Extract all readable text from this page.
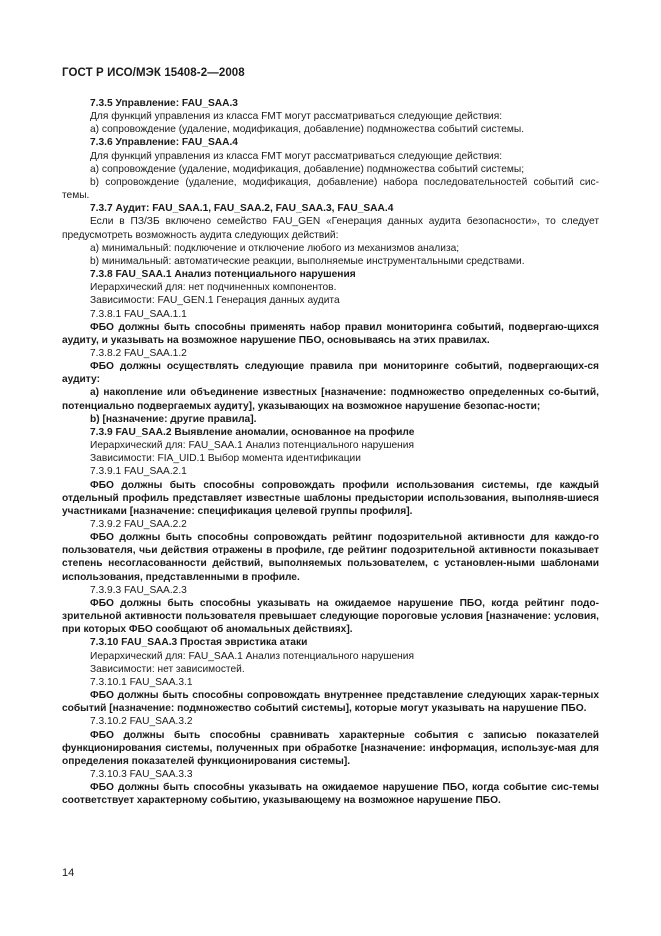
ГОСТ Р ИСО/МЭК 15408-2—2008

7.3.5 Управление: FAU_SAA.3

Для функций управления из класса FMT могут рассматриваться следующие действия:

а) сопровождение (удаление, модификация, добавление) подмножества событий системы.

7.3.6 Управление: FAU_SAA.4

Для функций управления из класса FMT могут рассматриваться следующие действия:

а) сопровождение (удаление, модификация, добавление) подмножества событий системы;

b) сопровождение (удаление, модификация, добавление) набора последовательностей событий сис-темы.

7.3.7 Аудит: FAU_SAA.1, FAU_SAA.2, FAU_SAA.3, FAU_SAA.4

Если в ПЗ/ЗБ включено семейство FAU_GEN «Генерация данных аудита безопасности», то следует предусмотреть возможность аудита следующих действий:

а) минимальный: подключение и отключение любого из механизмов анализа;

b) минимальный: автоматические реакции, выполняемые инструментальными средствами.

7.3.8 FAU_SAA.1 Анализ потенциального нарушения

Иерархический для: нет подчиненных компонентов.

Зависимости: FAU_GEN.1 Генерация данных аудита

7.3.8.1 FAU_SAA.1.1

ФБО должны быть способны применять набор правил мониторинга событий, подвергаю-щихся аудиту, и указывать на возможное нарушение ПБО, основываясь на этих правилах.

7.3.8.2 FAU_SAA.1.2

ФБО должны осуществлять следующие правила при мониторинге событий, подвергающих-ся аудиту:

а) накопление или объединение известных [назначение: подмножество определенных со-бытий, потенциально подвергаемых аудиту], указывающих на возможное нарушение безопас-ности;

b) [назначение: другие правила].

7.3.9 FAU_SAA.2 Выявление аномалии, основанное на профиле

Иерархический для: FAU_SAA.1 Анализ потенциального нарушения

Зависимости: FIA_UID.1 Выбор момента идентификации

7.3.9.1 FAU_SAA.2.1

ФБО должны быть способны сопровождать профили использования системы, где каждый отдельный профиль представляет известные шаблоны предыстории использования, выполняв-шиеся участниками [назначение: спецификация целевой группы профиля].

7.3.9.2 FAU_SAA.2.2

ФБО должны быть способны сопровождать рейтинг подозрительной активности для каждо-го пользователя, чьи действия отражены в профиле, где рейтинг подозрительной активности показывает степень несогласованности действий, выполняемых пользователем, с установлен-ными шаблонами использования, представленными в профиле.

7.3.9.3 FAU_SAA.2.3

ФБО должны быть способны указывать на ожидаемое нарушение ПБО, когда рейтинг подо-зрительной активности пользователя превышает следующие пороговые условия [назначение: условия, при которых ФБО сообщают об аномальных действиях].

7.3.10 FAU_SAA.3 Простая эвристика атаки

Иерархический для: FAU_SAA.1 Анализ потенциального нарушения

Зависимости: нет зависимостей.

7.3.10.1 FAU_SAA.3.1

ФБО должны быть способны сопровождать внутреннее представление следующих харак-терных событий [назначение: подмножество событий системы], которые могут указывать на нарушение ПБО.

7.3.10.2 FAU_SAA.3.2

ФБО должны быть способны сравнивать характерные события с записью показателей функционирования системы, полученных при обработке [назначение: информация, использує-мая для определения показателей функционирования системы].

7.3.10.3 FAU_SAA.3.3

ФБО должны быть способны указывать на ожидаемое нарушение ПБО, когда событие сис-темы соответствует характерному событию, указывающему на возможное нарушение ПБО.

14
